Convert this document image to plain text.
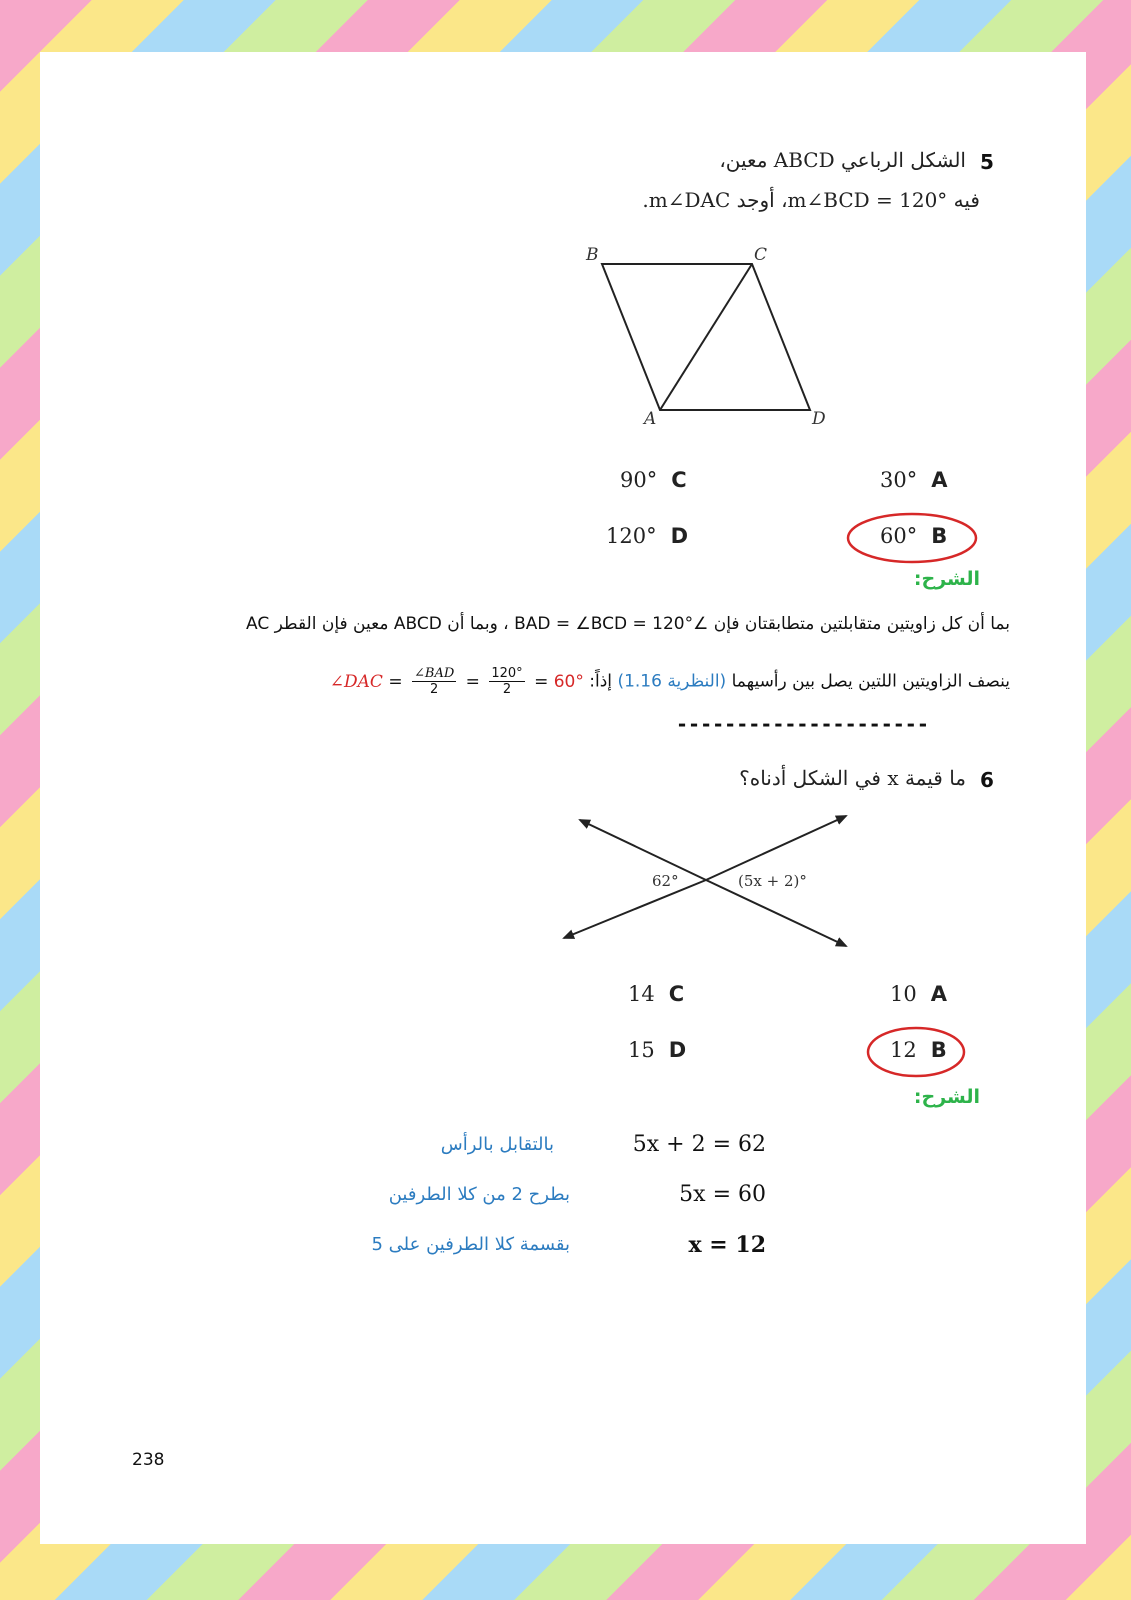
5
الشكل الرباعي ABCD معين،
فيه m∠BCD = 120°، أوجد m∠DAC.
B	C
A	D
30° A
90° C
60° B
120° D
الشرح:
بما أن كل زاويتين متقابلتين متطابقتان فإن ∠BAD = ∠BCD = 120° ، وبما أن ABCD معين فإن القطر AC
ينصف الزاويتين اللتين يصل بين رأسيهما (النظرية 1.16) إذاً: ∠DAC = $\frac{\text{∠BAD}}{2} = \frac{120^\circ}{2} = 60^\circ$
---------------------
6
ما قيمة x في الشكل أدناه؟
62°	(5x + 2)°
10 A
14 C
12 B
15 D
الشرح:
5x + 2 = 62
بالتقابل بالرأس
5x = 60
بطرح 2 من كلا الطرفين
x = 12
بقسمة كلا الطرفين على 5
238
